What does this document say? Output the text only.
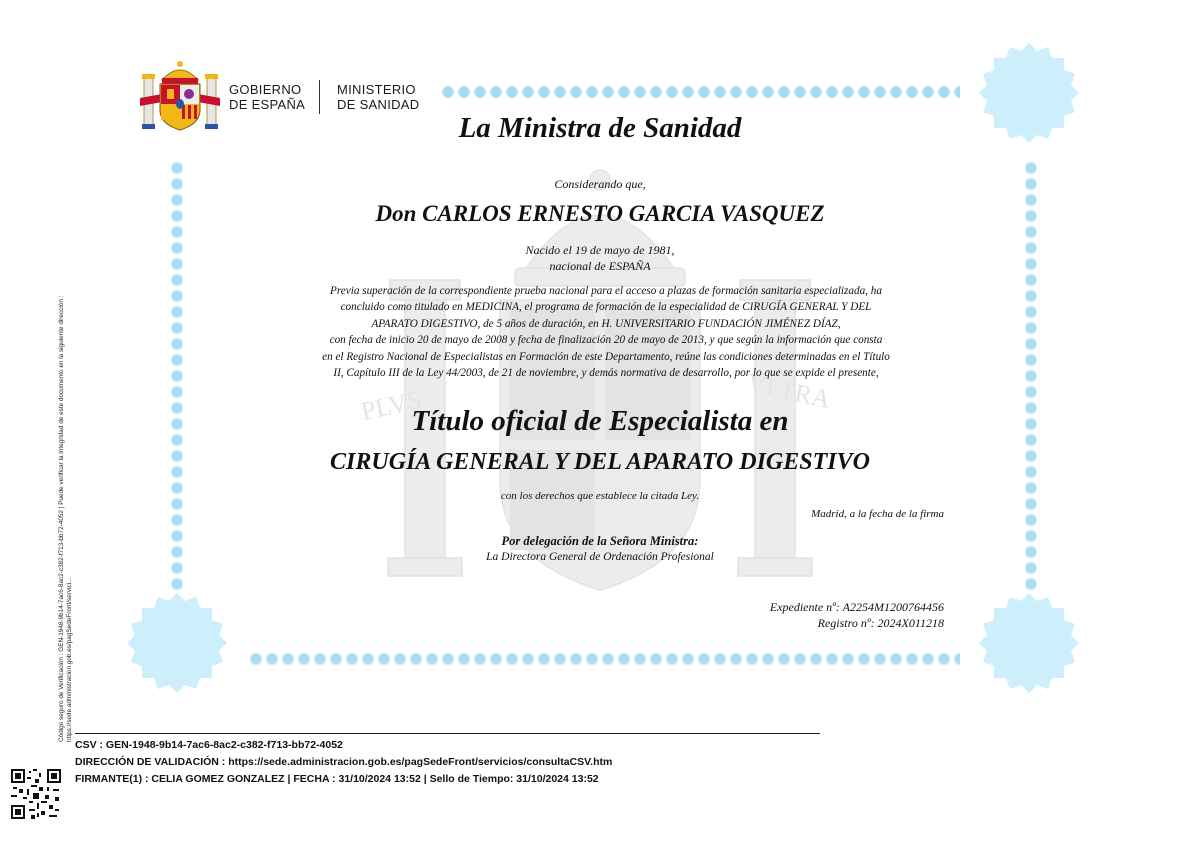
PLVS	VLTRA
GOBIERNO
DE ESPAÑA
MINISTERIO
DE SANIDAD
La Ministra de Sanidad
Considerando que,
Don CARLOS ERNESTO GARCIA VASQUEZ
Nacido el 19 de mayo de 1981,
nacional de ESPAÑA
Previa superación de la correspondiente prueba nacional para el acceso a plazas de formación sanitaria especializada, ha
concluido como titulado en MEDICINA, el programa de formación de la especialidad de CIRUGÍA GENERAL Y DEL
APARATO DIGESTIVO, de 5 años de duración, en H. UNIVERSITARIO FUNDACIÓN JIMÉNEZ DÍAZ,
con fecha de inicio 20 de mayo de 2008 y fecha de finalización 20 de mayo de 2013, y que según la información que consta
en el Registro Nacional de Especialistas en Formación de este Departamento, reúne las condiciones determinadas en el Título
II, Capítulo III de la Ley 44/2003, de 21 de noviembre, y demás normativa de desarrollo, por lo que se expide el presente,
Título oficial de Especialista en
CIRUGÍA GENERAL Y DEL APARATO DIGESTIVO
con los derechos que establece la citada Ley.
Madrid, a la fecha de la firma
Por delegación de la Señora Ministra:
La Directora General de Ordenación Profesional
Expediente nº: A2254M1200764456
Registro nº: 2024X011218
Código seguro de Verificación : GEN-1948-9b14-7ac6-8ac2-c382-f713-bb72-4052 | Puede verificar la integridad de este documento en la siguiente dirección : https://sede.administracion.gob.es/pagSedeFront/servici...
CSV : GEN-1948-9b14-7ac6-8ac2-c382-f713-bb72-4052
DIRECCIÓN DE VALIDACIÓN : https://sede.administracion.gob.es/pagSedeFront/servicios/consultaCSV.htm
FIRMANTE(1) : CELIA GOMEZ GONZALEZ | FECHA : 31/10/2024 13:52 | Sello de Tiempo: 31/10/2024 13:52
